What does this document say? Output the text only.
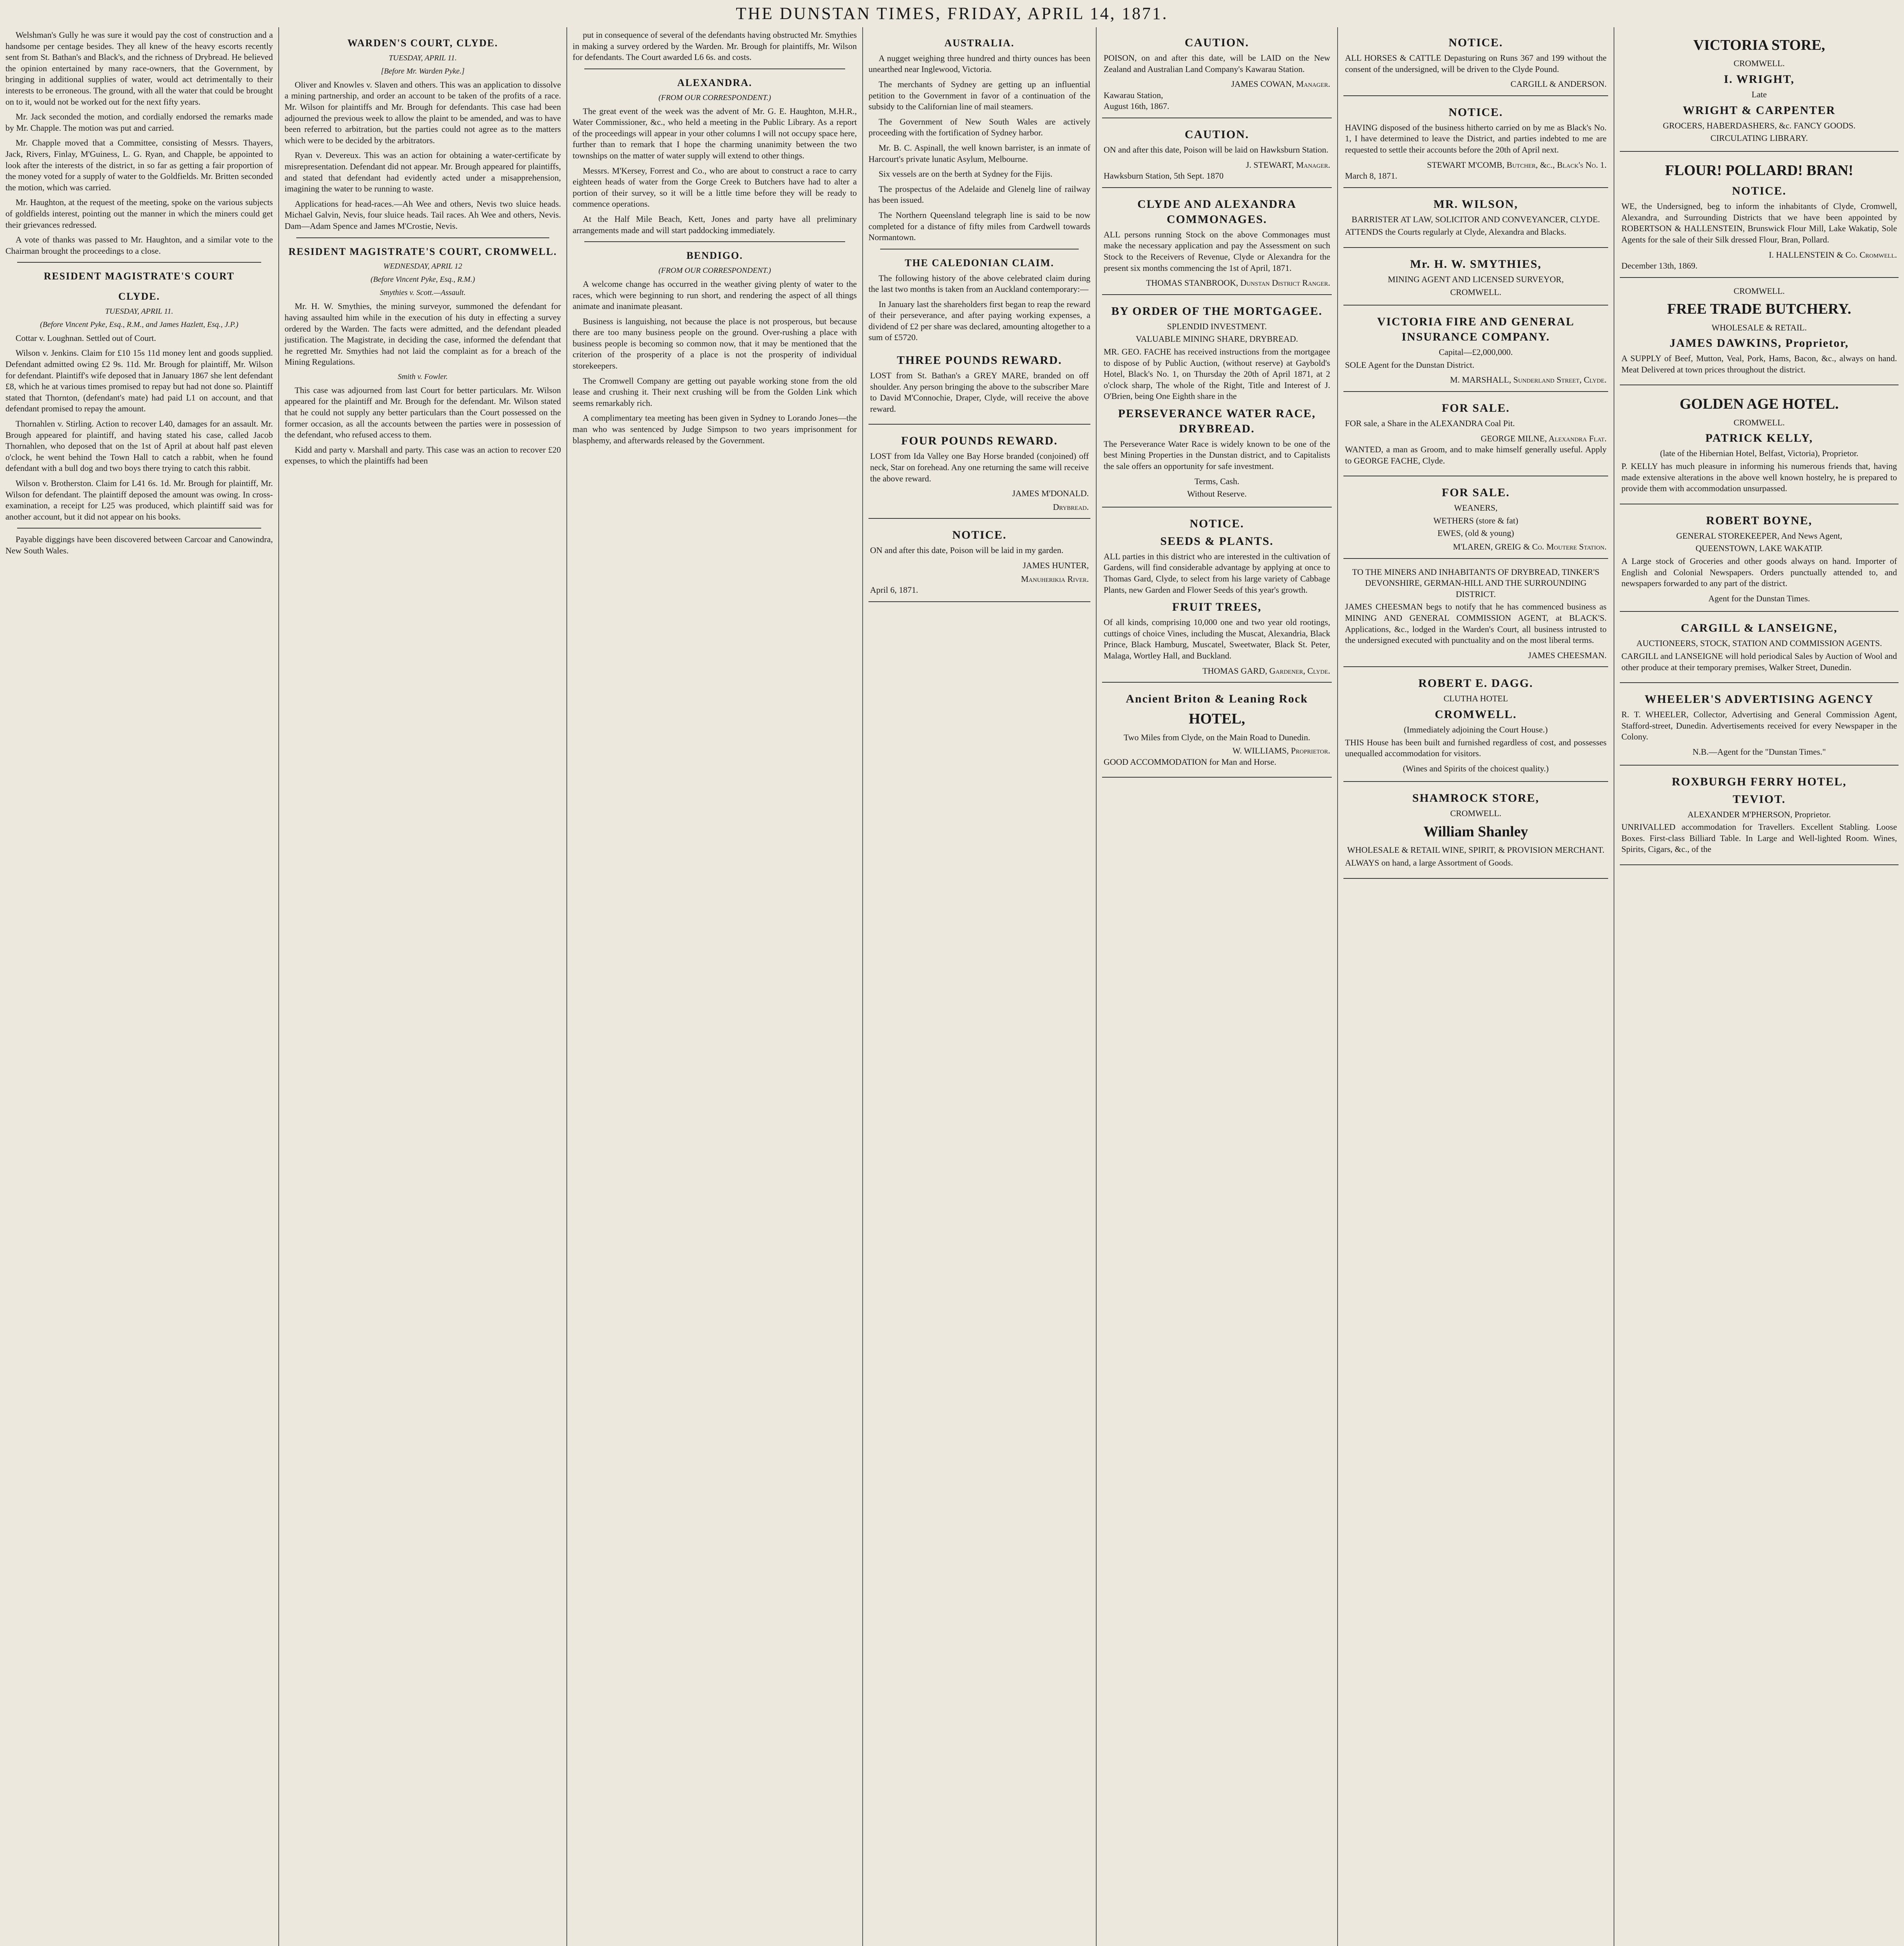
THE DUNSTAN TIMES, FRIDAY, APRIL 14, 1871.

Welshman's Gully he was sure it would pay the cost of construction and a handsome per centage besides. They all knew of the heavy escorts recently sent from St. Bathan's and Black's, and the richness of Drybread. He believed the opinion entertained by many race-owners, that the Government, by bringing in additional supplies of water, would act detrimentally to their interests to be erroneous. The ground, with all the water that could be brought on to it, would not be worked out for the next fifty years.

Mr. Jack seconded the motion, and cordially endorsed the remarks made by Mr. Chapple. The motion was put and carried.

Mr. Chapple moved that a Committee, consisting of Messrs. Thayers, Jack, Rivers, Finlay, M'Guiness, L. G. Ryan, and Chapple, be appointed to look after the interests of the district, in so far as getting a fair proportion of the money voted for a supply of water to the Goldfields. Mr. Britten seconded the motion, which was carried.

Mr. Haughton, at the request of the meeting, spoke on the various subjects of goldfields interest, pointing out the manner in which the miners could get their grievances redressed.

A vote of thanks was passed to Mr. Haughton, and a similar vote to the Chairman brought the proceedings to a close.

RESIDENT MAGISTRATE'S COURT
CLYDE.
TUESDAY, APRIL 11.
(Before Vincent Pyke, Esq., R.M., and James Hazlett, Esq., J.P.)

Cottar v. Loughnan. Settled out of Court.

Wilson v. Jenkins. Claim for £10 15s 11d money lent and goods supplied. Defendant admitted owing £2 9s. 11d. Mr. Brough for plaintiff, Mr. Wilson for defendant. Plaintiff's wife deposed that in January 1867 she lent defendant £8, which he at various times promised to repay but had not done so. Plaintiff stated that Thornton, (defendant's mate) had paid L1 on account, and that defendant promised to repay the amount.

Thornahlen v. Stirling. Action to recover L40, damages for an assault. Mr. Brough appeared for plaintiff, and having stated his case, called Jacob Thornahlen, who deposed that on the 1st of April at about half past eleven o'clock, he went behind the Town Hall to catch a rabbit, when he found defendant with a bull dog and two boys there trying to catch this rabbit.

Wilson v. Brotherston. Claim for L41 6s. 1d. Mr. Brough for plaintiff, Mr. Wilson for defendant. The plaintiff deposed the amount was owing. In cross-examination, a receipt for L25 was produced, which plaintiff said was for another account, but it did not appear on his books.

Payable diggings have been discovered between Carcoar and Canowindra, New South Wales.

WARDEN'S COURT, CLYDE.
TUESDAY, APRIL 11.
[Before Mr. Warden Pyke.]

Oliver and Knowles v. Slaven and others. This was an application to dissolve a mining partnership, and order an account to be taken of the profits of a race. Mr. Wilson for plaintiffs and Mr. Brough for defendants. This case had been adjourned the previous week to allow the plaint to be amended, and was to have been referred to arbitration, but the parties could not agree as to the matters which were to be decided by the arbitrators.

Ryan v. Devereux. This was an action for obtaining a water-certificate by misrepresentation. Defendant did not appear. Mr. Brough appeared for plaintiffs, and stated that defendant had evidently acted under a misapprehension, imagining the water to be running to waste.

Applications for head-races.—Ah Wee and others, Nevis two sluice heads. Michael Galvin, Nevis, four sluice heads. Tail races. Ah Wee and others, Nevis. Dam—Adam Spence and James M'Crostie, Nevis.

RESIDENT MAGISTRATE'S COURT, CROMWELL.
WEDNESDAY, APRIL 12
(Before Vincent Pyke, Esq., R.M.)
Smythies v. Scott.—Assault.

Mr. H. W. Smythies, the mining surveyor, summoned the defendant for having assaulted him while in the execution of his duty in effecting a survey ordered by the Warden. The facts were admitted, and the defendant pleaded justification. The Magistrate, in deciding the case, informed the defendant that he regretted Mr. Smythies had not laid the complaint as for a breach of the Mining Regulations.

Smith v. Fowler.

This case was adjourned from last Court for better particulars. Mr. Wilson appeared for the plaintiff and Mr. Brough for the defendant. Mr. Wilson stated that he could not supply any better particulars than the Court possessed on the former occasion, as all the accounts between the parties were in possession of the defendant, who refused access to them.

Kidd and party v. Marshall and party. This case was an action to recover £20 expenses, to which the plaintiffs had been

put in consequence of several of the defendants having obstructed Mr. Smythies in making a survey ordered by the Warden. Mr. Brough for plaintiffs, Mr. Wilson for defendants. The Court awarded L6 6s. and costs.

ALEXANDRA.
(FROM OUR CORRESPONDENT.)

The great event of the week was the advent of Mr. G. E. Haughton, M.H.R., Water Commissioner, &c., who held a meeting in the Public Library. As a report of the proceedings will appear in your other columns I will not occupy space here, further than to remark that I hope the charming unanimity between the two townships on the matter of water supply will extend to other things.

Messrs. M'Kersey, Forrest and Co., who are about to construct a race to carry eighteen heads of water from the Gorge Creek to Butchers have had to alter a portion of their survey, so it will be a little time before they will be ready to commence operations.

At the Half Mile Beach, Kett, Jones and party have all preliminary arrangements made and will start paddocking immediately.

BENDIGO.
(FROM OUR CORRESPONDENT.)

A welcome change has occurred in the weather giving plenty of water to the races, which were beginning to run short, and rendering the aspect of all things animate and inanimate pleasant.

Business is languishing, not because the place is not prosperous, but because there are too many business people on the ground. Over-rushing a place with business people is becoming so common now, that it may be mentioned that the criterion of the prosperity of a place is not the prosperity of individual storekeepers.

The Cromwell Company are getting out payable working stone from the old lease and crushing it. Their next crushing will be from the Golden Link which seems remarkably rich.

A complimentary tea meeting has been given in Sydney to Lorando Jones—the man who was sentenced by Judge Simpson to two years imprisonment for blasphemy, and afterwards released by the Government.

AUSTRALIA.

A nugget weighing three hundred and thirty ounces has been unearthed near Inglewood, Victoria.

The merchants of Sydney are getting up an influential petition to the Government in favor of a continuation of the subsidy to the Californian line of mail steamers.

The Government of New South Wales are actively proceeding with the fortification of Sydney harbor.

Mr. B. C. Aspinall, the well known barrister, is an inmate of Harcourt's private lunatic Asylum, Melbourne.

Six vessels are on the berth at Sydney for the Fijis.

The prospectus of the Adelaide and Glenelg line of railway has been issued.

The Northern Queensland telegraph line is said to be now completed for a distance of fifty miles from Cardwell towards Normantown.

THE CALEDONIAN CLAIM.

The following history of the above celebrated claim during the last two months is taken from an Auckland contemporary:—

In January last the shareholders first began to reap the reward of their perseverance, and after paying working expenses, a dividend of £2 per share was declared, amounting altogether to a sum of £5720.

THREE POUNDS REWARD.

LOST from St. Bathan's a GREY MARE, branded on off shoulder. Any person bringing the above to the subscriber Mare to David M'Connochie, Draper, Clyde, will receive the above reward.

FOUR POUNDS REWARD.

LOST from Ida Valley one Bay Horse branded (conjoined) off neck, Star on forehead. Any one returning the same will receive the above reward.

JAMES M'DONALD.
Drybread.
NOTICE.

ON and after this date, Poison will be laid in my garden.

JAMES HUNTER,
Manuherikia River.
April 6, 1871.
CAUTION.

POISON, on and after this date, will be LAID on the New Zealand and Australian Land Company's Kawarau Station.

JAMES COWAN, Manager.
Kawarau Station,
August 16th, 1867.
CAUTION.

ON and after this date, Poison will be laid on Hawksburn Station.

J. STEWART, Manager.
Hawksburn Station, 5th Sept. 1870
CLYDE AND ALEXANDRA COMMONAGES.

ALL persons running Stock on the above Commonages must make the necessary application and pay the Assessment on such Stock to the Receivers of Revenue, Clyde or Alexandra for the present six months commencing the 1st of April, 1871.

THOMAS STANBROOK, Dunstan District Ranger.
BY ORDER OF THE MORTGAGEE.
SPLENDID INVESTMENT.
VALUABLE MINING SHARE, DRYBREAD.

MR. GEO. FACHE has received instructions from the mortgagee to dispose of by Public Auction, (without reserve) at Gaybold's Hotel, Black's No. 1, on Thursday the 20th of April 1871, at 2 o'clock sharp, The whole of the Right, Title and Interest of J. O'Brien, being One Eighth share in the

PERSEVERANCE WATER RACE, DRYBREAD.

The Perseverance Water Race is widely known to be one of the best Mining Properties in the Dunstan district, and to Capitalists the sale offers an opportunity for safe investment.

Terms, Cash.
Without Reserve.
NOTICE.
SEEDS & PLANTS.

ALL parties in this district who are interested in the cultivation of Gardens, will find considerable advantage by applying at once to Thomas Gard, Clyde, to select from his large variety of Cabbage Plants, new Garden and Flower Seeds of this year's growth.

FRUIT TREES,

Of all kinds, comprising 10,000 one and two year old rootings, cuttings of choice Vines, including the Muscat, Alexandria, Black Prince, Black Hamburg, Muscatel, Sweetwater, Black St. Peter, Malaga, Wortley Hall, and Buckland.

THOMAS GARD, Gardener, Clyde.
Ancient Briton & Leaning Rock
HOTEL,
Two Miles from Clyde, on the Main Road to Dunedin.
W. WILLIAMS, Proprietor.

GOOD ACCOMMODATION for Man and Horse.

NOTICE.

ALL HORSES & CATTLE Depasturing on Runs 367 and 199 without the consent of the undersigned, will be driven to the Clyde Pound.

CARGILL & ANDERSON.
NOTICE.

HAVING disposed of the business hitherto carried on by me as Black's No. 1, I have determined to leave the District, and parties indebted to me are requested to settle their accounts before the 20th of April next.

STEWART M'COMB, Butcher, &c., Black's No. 1.
March 8, 1871.
MR. WILSON,
BARRISTER AT LAW, SOLICITOR AND CONVEYANCER, CLYDE.

ATTENDS the Courts regularly at Clyde, Alexandra and Blacks.

Mr. H. W. SMYTHIES,
MINING AGENT AND LICENSED SURVEYOR,
CROMWELL.
VICTORIA FIRE AND GENERAL INSURANCE COMPANY.
Capital—£2,000,000.

SOLE Agent for the Dunstan District.

M. MARSHALL, Sunderland Street, Clyde.
FOR SALE.

FOR sale, a Share in the ALEXANDRA Coal Pit.

GEORGE MILNE, Alexandra Flat.

WANTED, a man as Groom, and to make himself generally useful. Apply to GEORGE FACHE, Clyde.

FOR SALE.
WEANERS,
WETHERS (store & fat)
EWES, (old & young)
M'LAREN, GREIG & Co. Moutere Station.
TO THE MINERS AND INHABITANTS OF DRYBREAD, TINKER'S DEVONSHIRE, GERMAN-HILL AND THE SURROUNDING DISTRICT.

JAMES CHEESMAN begs to notify that he has commenced business as MINING AND GENERAL COMMISSION AGENT, at BLACK'S. Applications, &c., lodged in the Warden's Court, all business intrusted to the undersigned executed with punctuality and on the most liberal terms.

JAMES CHEESMAN.
ROBERT E. DAGG.
CLUTHA HOTEL
CROMWELL.
(Immediately adjoining the Court House.)

THIS House has been built and furnished regardless of cost, and possesses unequalled accommodation for visitors.

(Wines and Spirits of the choicest quality.)
SHAMROCK STORE,
CROMWELL.
William Shanley
WHOLESALE & RETAIL WINE, SPIRIT, & PROVISION MERCHANT.

ALWAYS on hand, a large Assortment of Goods.

VICTORIA STORE,
CROMWELL.
I. WRIGHT,
Late
WRIGHT & CARPENTER
GROCERS, HABERDASHERS, &c. FANCY GOODS.
CIRCULATING LIBRARY.
FLOUR! POLLARD! BRAN!
NOTICE.

WE, the Undersigned, beg to inform the inhabitants of Clyde, Cromwell, Alexandra, and Surrounding Districts that we have been appointed by ROBERTSON & HALLENSTEIN, Brunswick Flour Mill, Lake Wakatip, Sole Agents for the sale of their Silk dressed Flour, Bran, Pollard.

I. HALLENSTEIN & Co. Cromwell.
December 13th, 1869.
CROMWELL.
FREE TRADE BUTCHERY.
WHOLESALE & RETAIL.
JAMES DAWKINS, Proprietor,

A SUPPLY of Beef, Mutton, Veal, Pork, Hams, Bacon, &c., always on hand. Meat Delivered at town prices throughout the district.

GOLDEN AGE HOTEL.
CROMWELL.
PATRICK KELLY,
(late of the Hibernian Hotel, Belfast, Victoria), Proprietor.

P. KELLY has much pleasure in informing his numerous friends that, having made extensive alterations in the above well known hostelry, he is prepared to provide them with accommodation unsurpassed.

ROBERT BOYNE,
GENERAL STOREKEEPER, And News Agent,
QUEENSTOWN, LAKE WAKATIP.

A Large stock of Groceries and other goods always on hand. Importer of English and Colonial Newspapers. Orders punctually attended to, and newspapers forwarded to any part of the district.

Agent for the Dunstan Times.
CARGILL & LANSEIGNE,
AUCTIONEERS, STOCK, STATION AND COMMISSION AGENTS.

CARGILL and LANSEIGNE will hold periodical Sales by Auction of Wool and other produce at their temporary premises, Walker Street, Dunedin.

WHEELER'S ADVERTISING AGENCY

R. T. WHEELER, Collector, Advertising and General Commission Agent, Stafford-street, Dunedin. Advertisements received for every Newspaper in the Colony.

N.B.—Agent for the "Dunstan Times."
ROXBURGH FERRY HOTEL,
TEVIOT.
ALEXANDER M'PHERSON, Proprietor.

UNRIVALLED accommodation for Travellers. Excellent Stabling. Loose Boxes. First-class Billiard Table. In Large and Well-lighted Room. Wines, Spirits, Cigars, &c., of the
